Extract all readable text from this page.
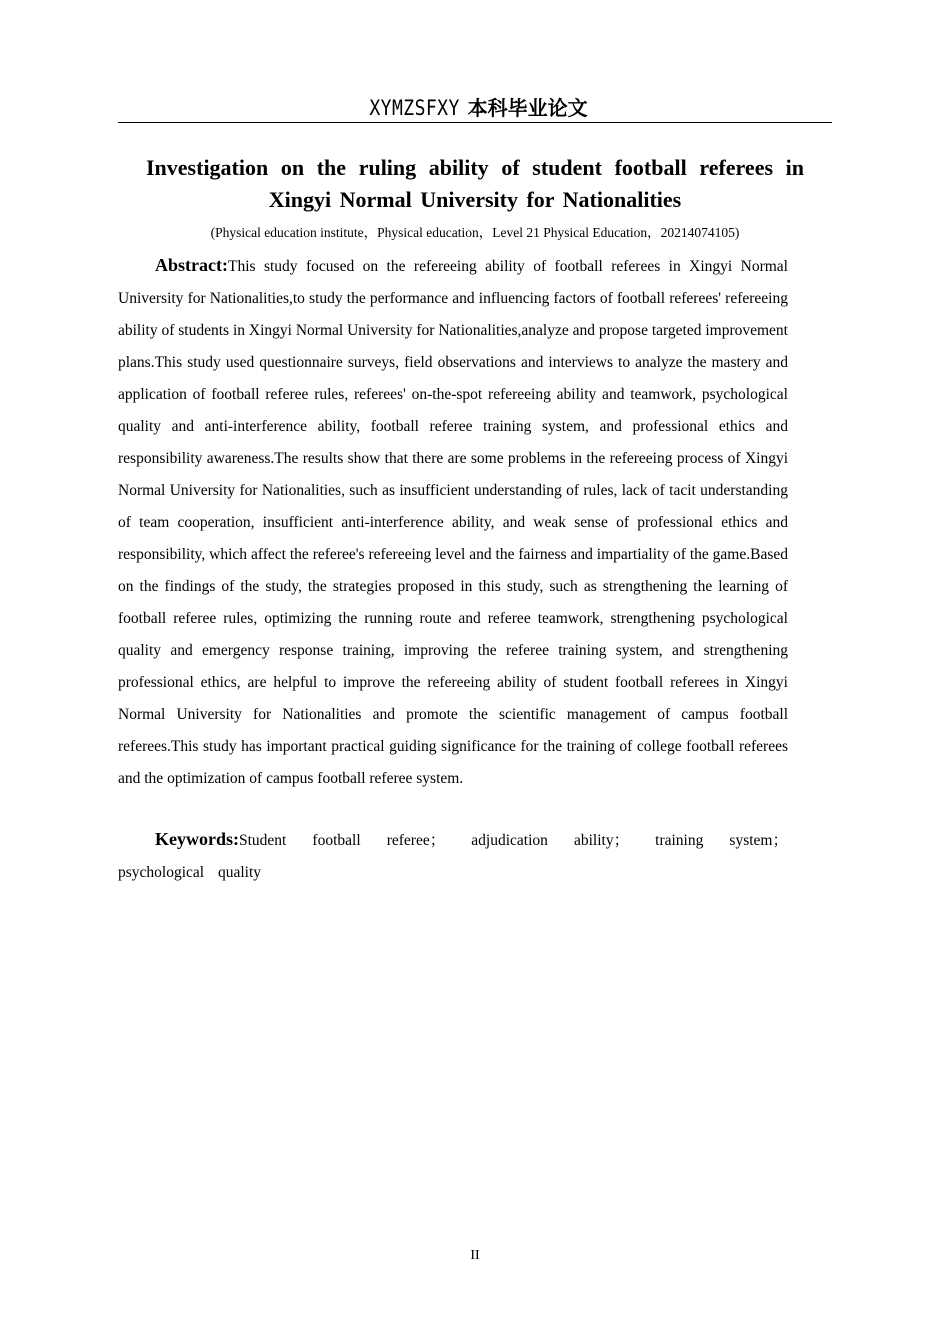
XYMZSFXY 本科毕业论文
Investigation on the ruling ability of student football referees in Xingyi Normal University for Nationalities
(Physical education institute，Physical education，Level 21 Physical Education，20214074105)

Abstract:This study focused on the refereeing ability of football referees in Xingyi Normal University for Nationalities,to study the performance and influencing factors of football referees' refereeing ability of students in Xingyi Normal University for Nationalities,analyze and propose targeted improvement plans.This study used questionnaire surveys, field observations and interviews to analyze the mastery and application of football referee rules, referees' on-the-spot refereeing ability and teamwork, psychological quality and anti-interference ability, football referee training system, and professional ethics and responsibility awareness.The results show that there are some problems in the refereeing process of Xingyi Normal University for Nationalities, such as insufficient understanding of rules, lack of tacit understanding of team cooperation, insufficient anti-interference ability, and weak sense of professional ethics and responsibility, which affect the referee's refereeing level and the fairness and impartiality of the game.Based on the findings of the study, the strategies proposed in this study, such as strengthening the learning of football referee rules, optimizing the running route and referee teamwork, strengthening psychological quality and emergency response training, improving the referee training system, and strengthening professional ethics, are helpful to improve the refereeing ability of student football referees in Xingyi Normal University for Nationalities and promote the scientific management of campus football referees.This study has important practical guiding significance for the training of college football referees and the optimization of campus football referee system.

Keywords:Student football referee； adjudication ability； training system； psychological quality

II
